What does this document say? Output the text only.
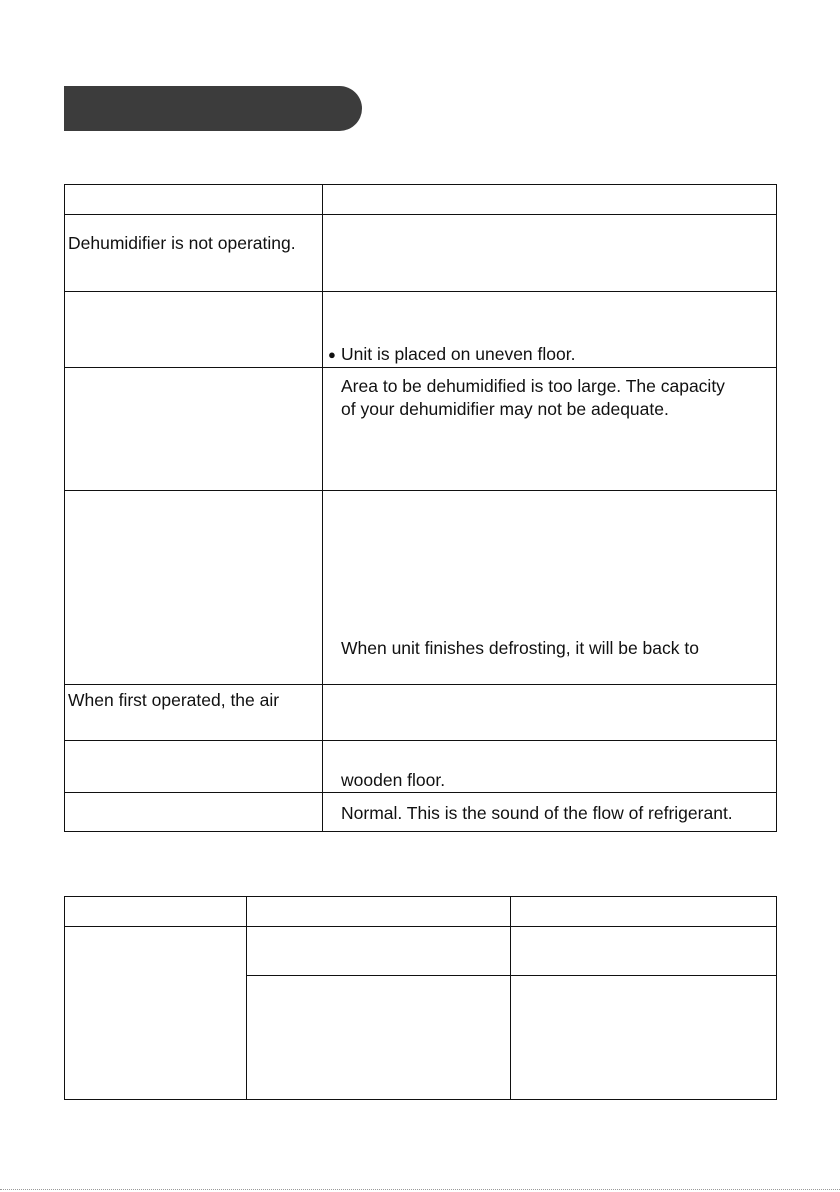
Dehumidifier is not operating.	

	● Unit is placed on uneven floor.

	Area to be dehumidified is too large. The capacity
of your dehumidifier may not be adequate.

	When unit finishes defrosting, it will be back to

When first operated, the air	

	wooden floor.

	Normal. This is the sound of the flow of refrigerant.
